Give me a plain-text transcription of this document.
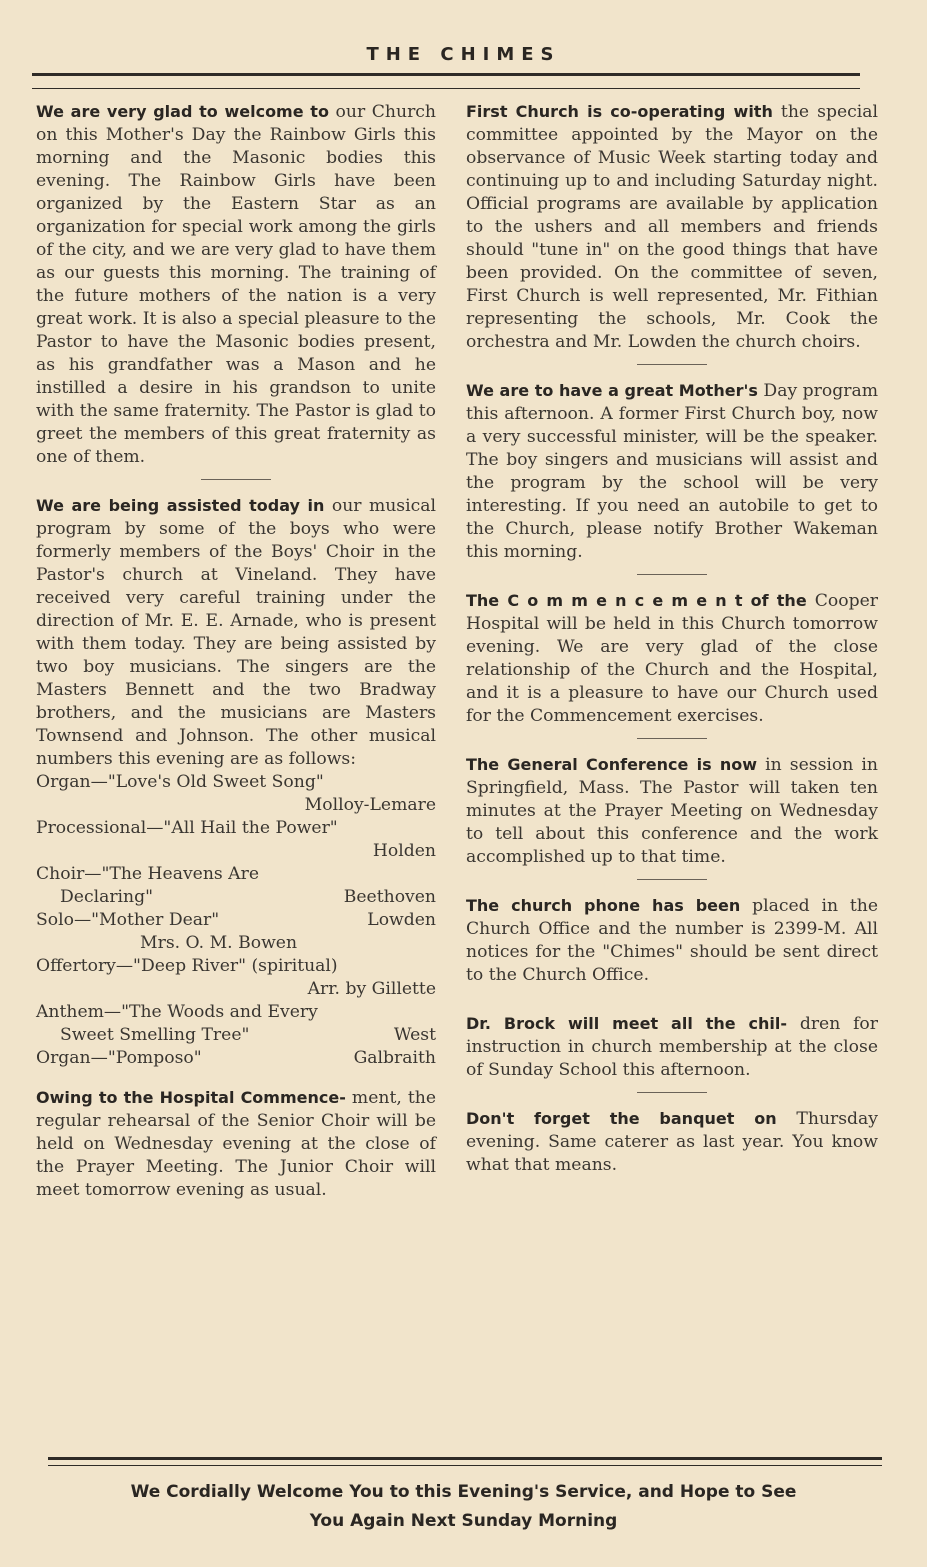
THE CHIMES

We are very glad to welcome to our Church on this Mother's Day the Rainbow Girls this morning and the Masonic bodies this evening. The Rainbow Girls have been organized by the Eastern Star as an organization for special work among the girls of the city, and we are very glad to have them as our guests this morning. The training of the future mothers of the nation is a very great work. It is also a special pleasure to the Pastor to have the Masonic bodies present, as his grandfather was a Mason and he instilled a desire in his grandson to unite with the same fraternity. The Pastor is glad to greet the members of this great fraternity as one of them.

We are being assisted today in our musical program by some of the boys who were formerly members of the Boys' Choir in the Pastor's church at Vineland. They have received very careful training under the direction of Mr. E. E. Arnade, who is present with them today. They are being assisted by two boy musicians. The singers are the Masters Bennett and the two Bradway brothers, and the musicians are Masters Townsend and Johnson. The other musical numbers this evening are as follows:

Organ—"Love's Old Sweet Song"
Molloy-Lemare
Processional—"All Hail the Power"
Holden
Choir—"The Heavens Are
Declaring"	Beethoven
Solo—"Mother Dear"	Lowden
Mrs. O. M. Bowen
Offertory—"Deep River" (spiritual)
Arr. by Gillette
Anthem—"The Woods and Every
Sweet Smelling Tree"	West
Organ—"Pomposo"	Galbraith

Owing to the Hospital Commence- ment, the regular rehearsal of the Senior Choir will be held on Wednesday evening at the close of the Prayer Meeting. The Junior Choir will meet tomorrow evening as usual.

First Church is co-operating with the special committee appointed by the Mayor on the observance of Music Week starting today and continuing up to and including Saturday night. Official programs are available by application to the ushers and all members and friends should "tune in" on the good things that have been provided. On the committee of seven, First Church is well represented, Mr. Fithian representing the schools, Mr. Cook the orchestra and Mr. Lowden the church choirs.

We are to have a great Mother's Day program this afternoon. A former First Church boy, now a very successful minister, will be the speaker. The boy singers and musicians will assist and the program by the school will be very interesting. If you need an autobile to get to the Church, please notify Brother Wakeman this morning.

The C o m m e n c e m e n t of the Cooper Hospital will be held in this Church tomorrow evening. We are very glad of the close relationship of the Church and the Hospital, and it is a pleasure to have our Church used for the Commencement exercises.

The General Conference is now in session in Springfield, Mass. The Pastor will taken ten minutes at the Prayer Meeting on Wednesday to tell about this conference and the work accomplished up to that time.

The church phone has been placed in the Church Office and the number is 2399-M. All notices for the "Chimes" should be sent direct to the Church Office.

Dr. Brock will meet all the chil- dren for instruction in church membership at the close of Sunday School this afternoon.

Don't forget the banquet on Thursday evening. Same caterer as last year. You know what that means.

We Cordially Welcome You to this Evening's Service, and Hope to See
You Again Next Sunday Morning
